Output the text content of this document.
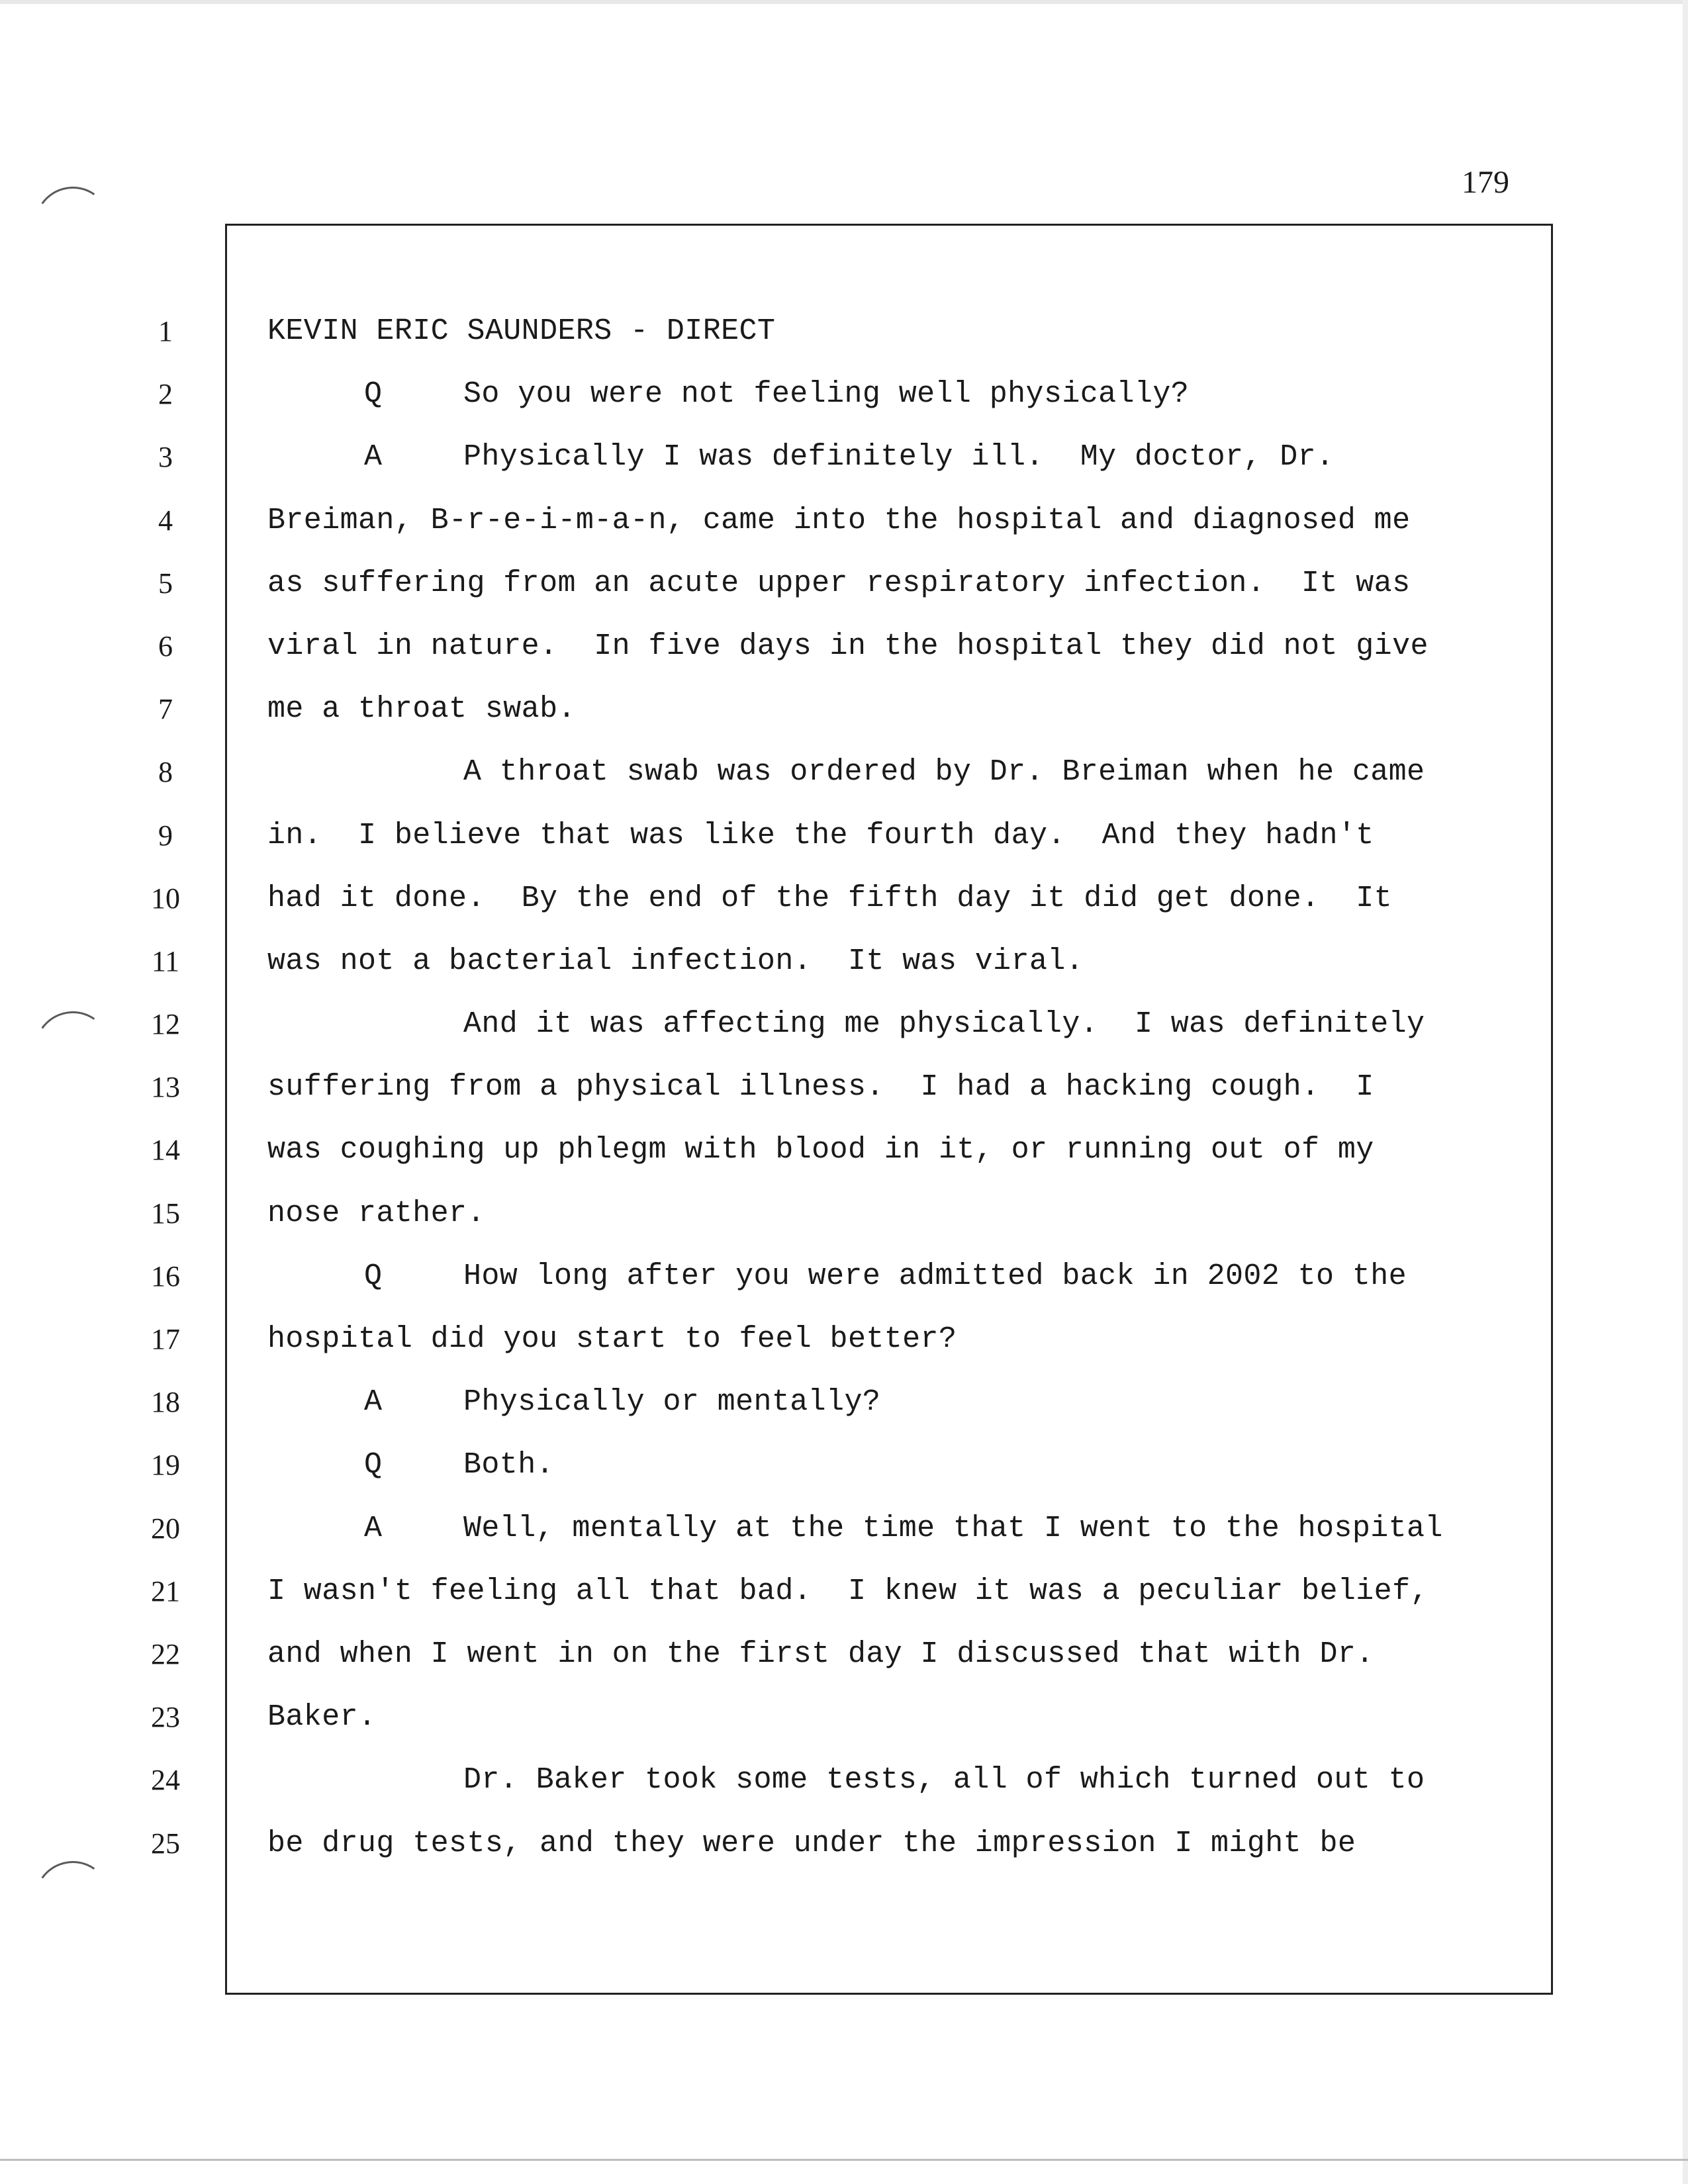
179
1
2
3
4
5
6
7
8
9
10
11
12
13
14
15
16
17
18
19
20
21
22
23
24
25
KEVIN ERIC SAUNDERS - DIRECT
Q	So you were not feeling well physically?
A	Physically I was definitely ill.  My doctor, Dr.
Breiman, B-r-e-i-m-a-n, came into the hospital and diagnosed me
as suffering from an acute upper respiratory infection.  It was
viral in nature.  In five days in the hospital they did not give
me a throat swab.
A throat swab was ordered by Dr. Breiman when he came
in.  I believe that was like the fourth day.  And they hadn't
had it done.  By the end of the fifth day it did get done.  It
was not a bacterial infection.  It was viral.
And it was affecting me physically.  I was definitely
suffering from a physical illness.  I had a hacking cough.  I
was coughing up phlegm with blood in it, or running out of my
nose rather.
Q	How long after you were admitted back in 2002 to the
hospital did you start to feel better?
A	Physically or mentally?
Q	Both.
A	Well, mentally at the time that I went to the hospital
I wasn't feeling all that bad.  I knew it was a peculiar belief,
and when I went in on the first day I discussed that with Dr.
Baker.
Dr. Baker took some tests, all of which turned out to
be drug tests, and they were under the impression I might be
